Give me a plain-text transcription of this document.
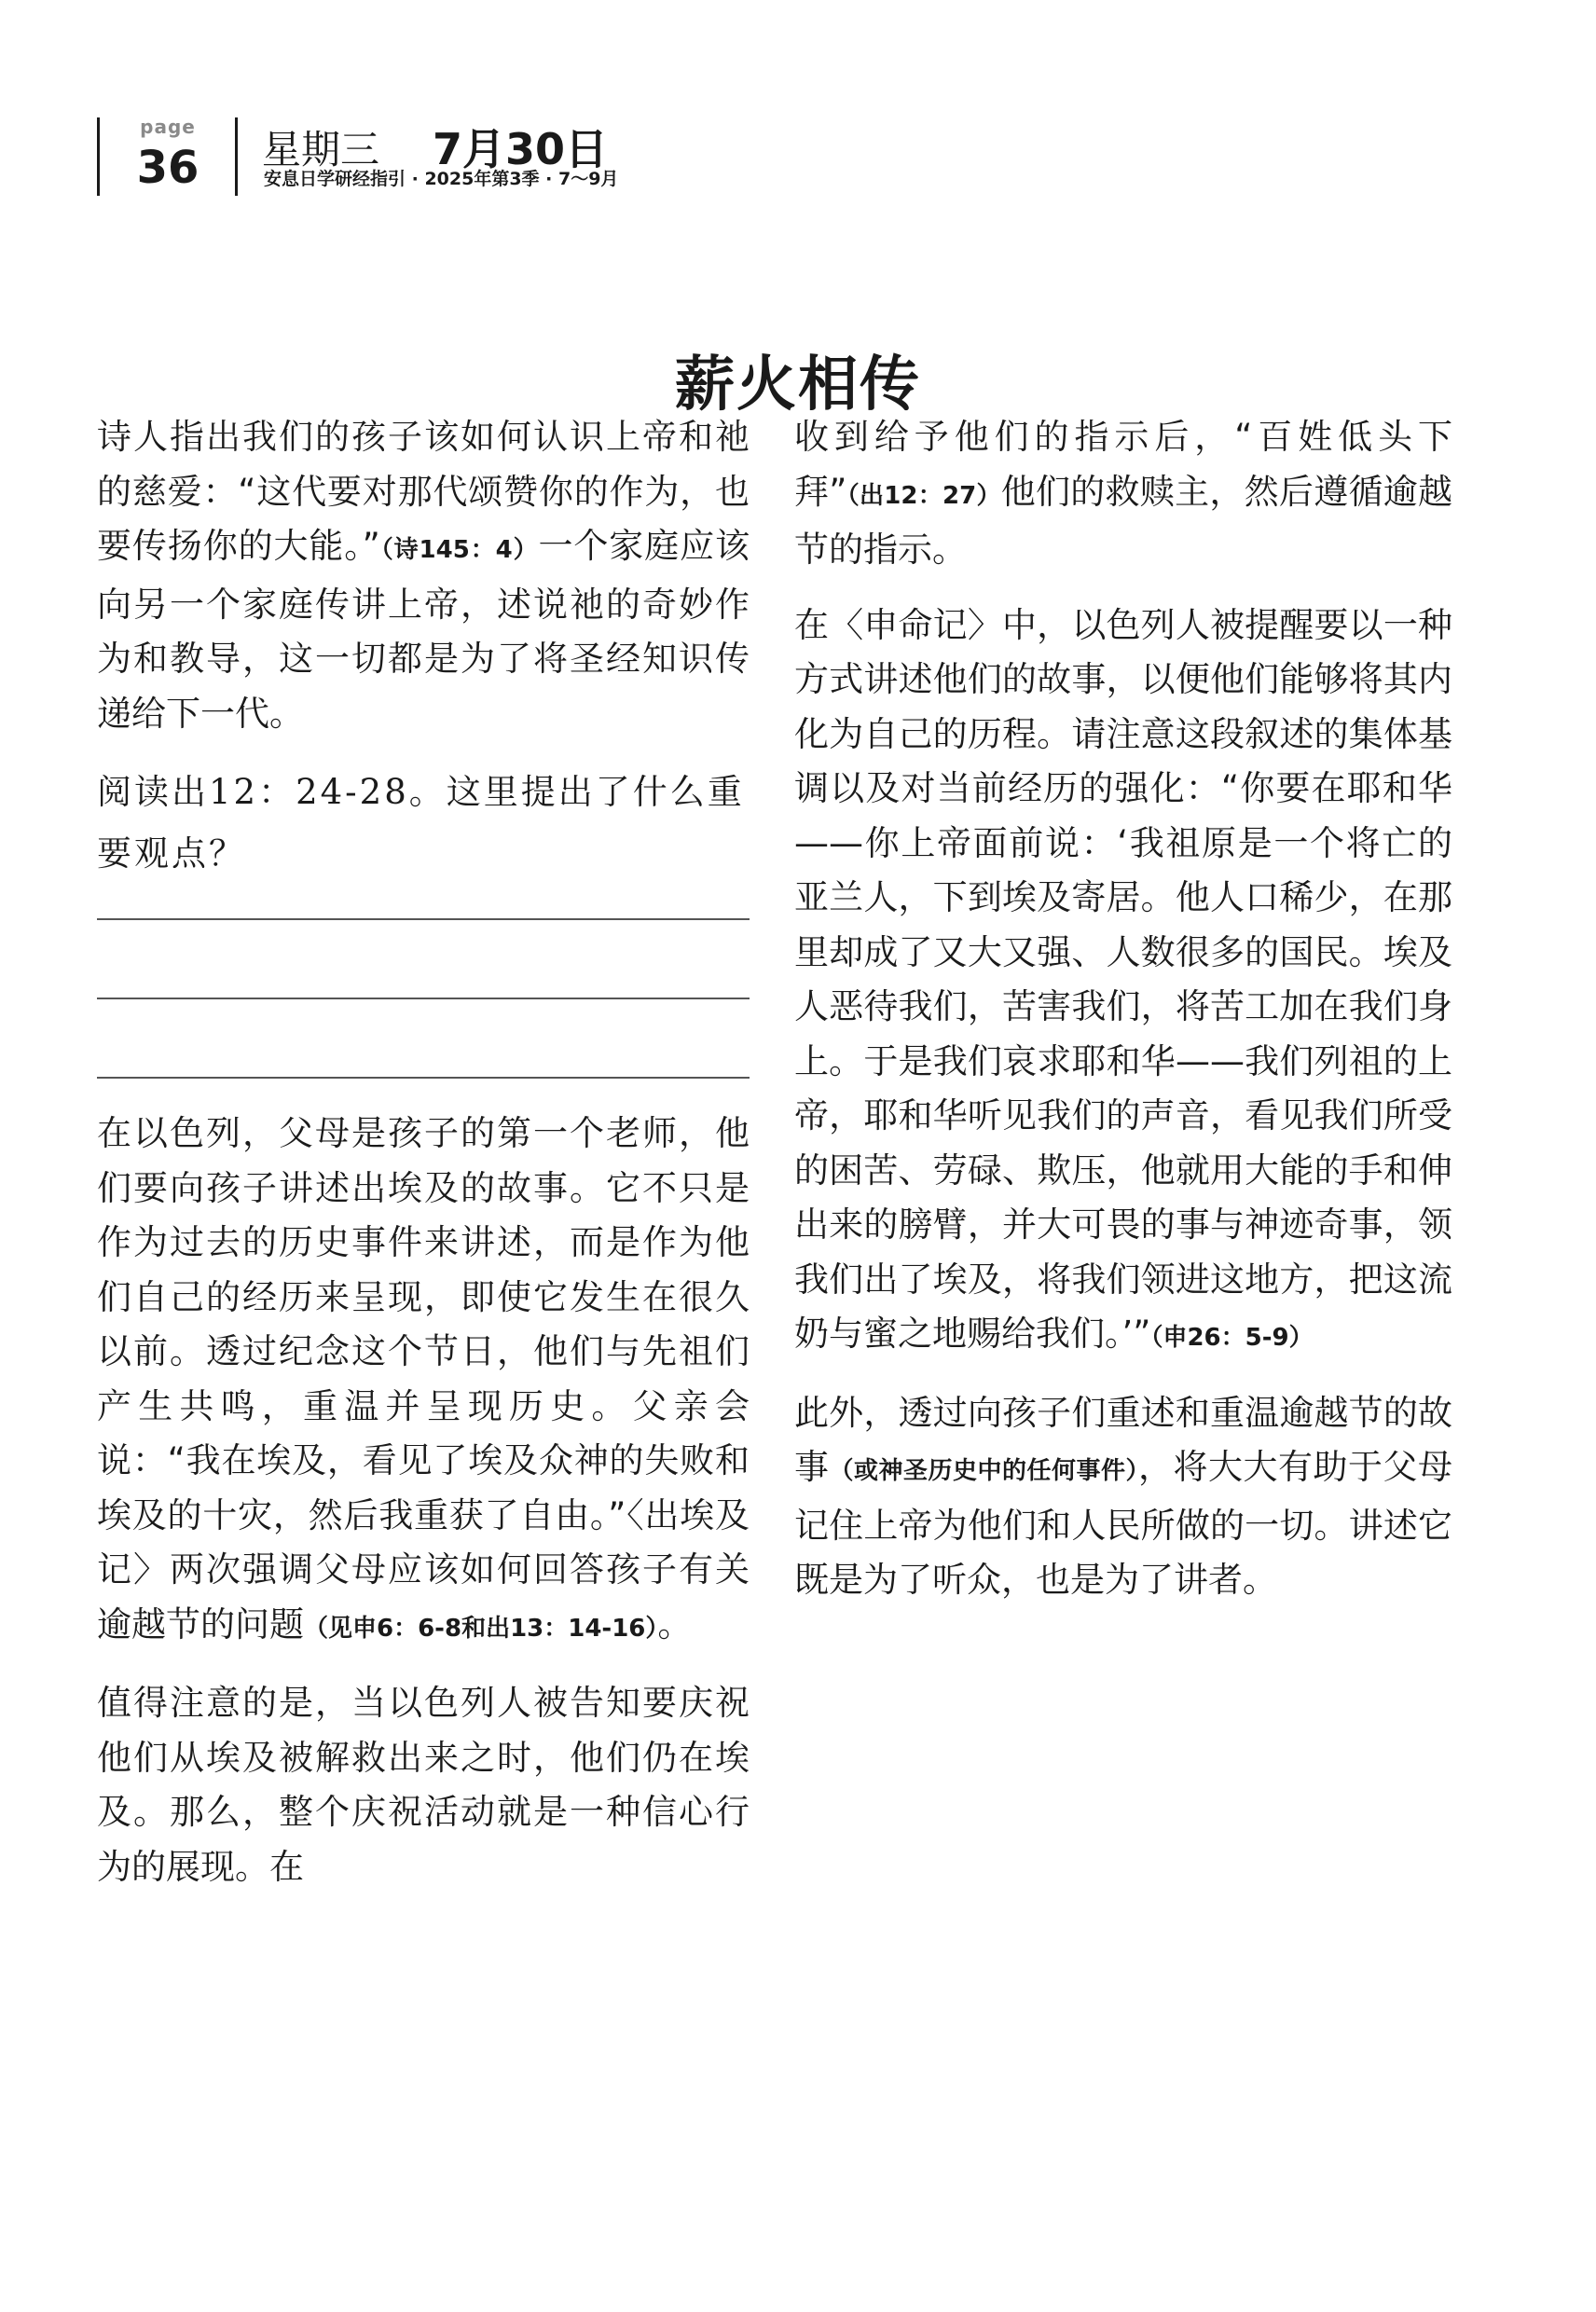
page
36	星期三 7月30日
安息日学研经指引 · 2025年第3季 · 7～9月
薪火相传

诗人指出我们的孩子该如何认识上帝和祂的慈爱：“这代要对那代颂赞你的作为，也要传扬你的大能。”（诗145：4）一个家庭应该向另一个家庭传讲上帝，述说祂的奇妙作为和教导，这一切都是为了将圣经知识传递给下一代。

阅读出12：24-28。这里提出了什么重要观点？

在以色列，父母是孩子的第一个老师，他们要向孩子讲述出埃及的故事。它不只是作为过去的历史事件来讲述，而是作为他们自己的经历来呈现，即使它发生在很久以前。透过纪念这个节日，他们与先祖们产生共鸣，重温并呈现历史。父亲会说：“我在埃及，看见了埃及众神的失败和埃及的十灾，然后我重获了自由。”〈出埃及记〉两次强调父母应该如何回答孩子有关逾越节的问题（见申6：6-8和出13：14-16）。

值得注意的是，当以色列人被告知要庆祝他们从埃及被解救出来之时，他们仍在埃及。那么，整个庆祝活动就是一种信心行为的展现。在

收到给予他们的指示后，“百姓低头下拜”（出12：27）他们的救赎主，然后遵循逾越节的指示。

在〈申命记〉中，以色列人被提醒要以一种方式讲述他们的故事，以便他们能够将其内化为自己的历程。请注意这段叙述的集体基调以及对当前经历的强化：“你要在耶和华——你上帝面前说：‘我祖原是一个将亡的亚兰人，下到埃及寄居。他人口稀少，在那里却成了又大又强、人数很多的国民。埃及人恶待我们，苦害我们，将苦工加在我们身上。于是我们哀求耶和华——我们列祖的上帝，耶和华听见我们的声音，看见我们所受的困苦、劳碌、欺压，他就用大能的手和伸出来的膀臂，并大可畏的事与神迹奇事，领我们出了埃及，将我们领进这地方，把这流奶与蜜之地赐给我们。’”（申26：5-9）

此外，透过向孩子们重述和重温逾越节的故事（或神圣历史中的任何事件），将大大有助于父母记住上帝为他们和人民所做的一切。讲述它既是为了听众，也是为了讲者。
